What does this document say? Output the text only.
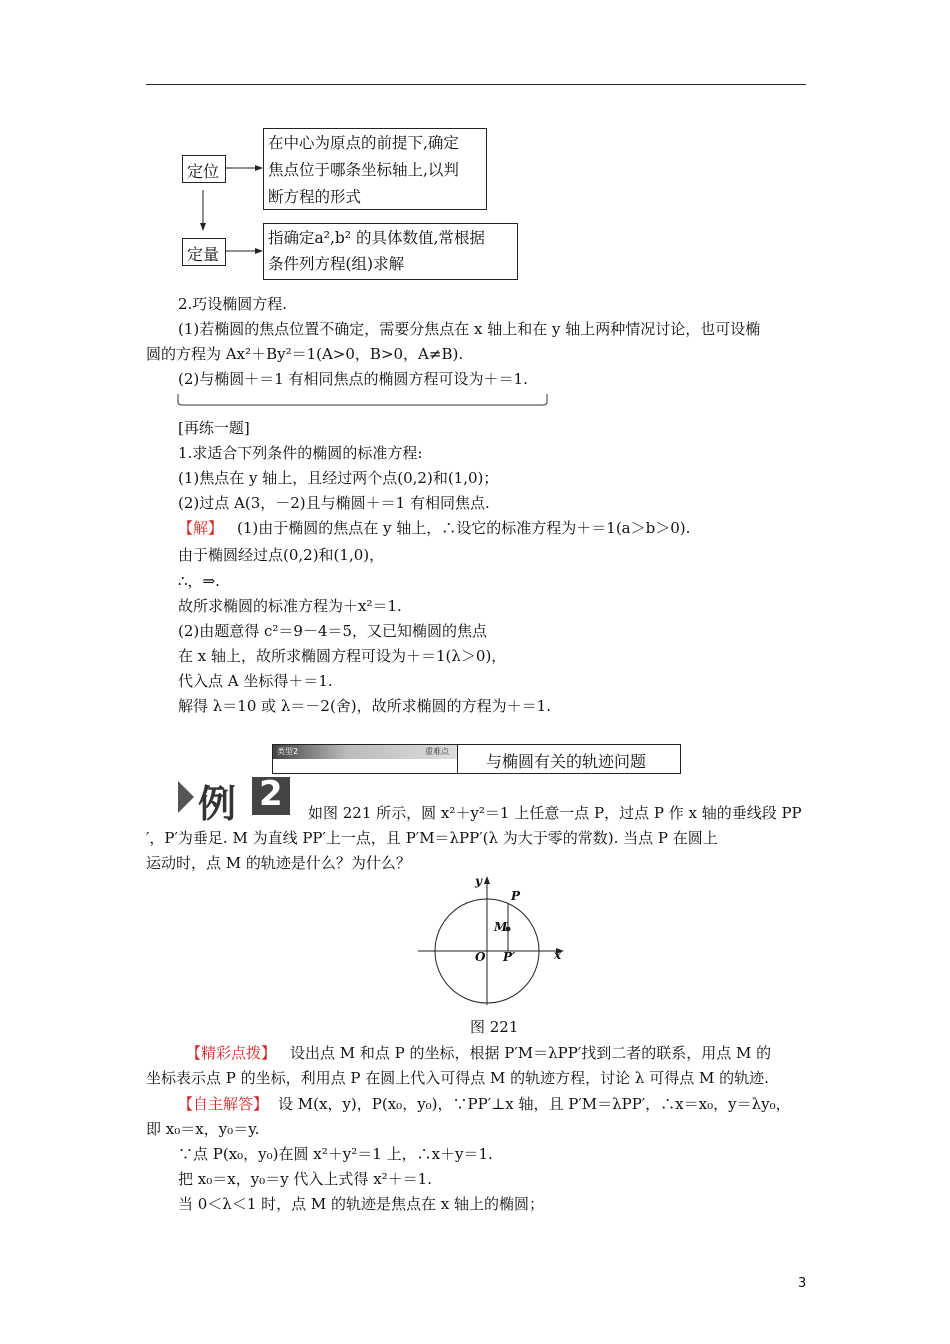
定位
在中心为原点的前提下,确定
焦点位于哪条坐标轴上,以判
断方程的形式
定量
指确定a²,b² 的具体数值,常根据
条件列方程(组)求解
2.巧设椭圆方程.
(1)若椭圆的焦点位置不确定，需要分焦点在 x 轴上和在 y 轴上两种情况讨论，也可设椭
圆的方程为 Ax²＋By²＝1(A>0，B>0，A≠B).
(2)与椭圆＋＝1 有相同焦点的椭圆方程可设为＋＝1.
[再练一题]
1.求适合下列条件的椭圆的标准方程:
(1)焦点在 y 轴上，且经过两个点(0,2)和(1,0)；
(2)过点 A(3，－2)且与椭圆＋＝1 有相同焦点.
【解】 (1)由于椭圆的焦点在 y 轴上，∴设它的标准方程为＋＝1(a＞b＞0).
由于椭圆经过点(0,2)和(1,0)，
∴，⇒.
故所求椭圆的标准方程为＋x²＝1.
(2)由题意得 c²＝9－4＝5，又已知椭圆的焦点
在 x 轴上，故所求椭圆方程可设为＋＝1(λ＞0)，
代入点 A 坐标得＋＝1.
解得 λ＝10 或 λ＝－2(舍)，故所求椭圆的方程为＋＝1.
类型2	重难点
与椭圆有关的轨迹问题
例 2 如图 221 所示，圆 x²＋y²＝1 上任意一点 P，过点 P 作 x 轴的垂线段 PP
′，P′为垂足. M 为直线 PP′上一点，且 P′M＝λPP′(λ 为大于零的常数). 当点 P 在圆上
运动时，点 M 的轨迹是什么？为什么？
y
P
M
O P′	x
图 221
【精彩点拨】 设出点 M 和点 P 的坐标，根据 P′M＝λPP′找到二者的联系，用点 M 的
坐标表示点 P 的坐标，利用点 P 在圆上代入可得点 M 的轨迹方程，讨论 λ 可得点 M 的轨迹.
【自主解答】 设 M(x，y)，P(x₀，y₀)，∵PP′⊥x 轴，且 P′M＝λPP′，∴x＝x₀，y＝λy₀，
即 x₀＝x，y₀＝y.
∵点 P(x₀，y₀)在圆 x²＋y²＝1 上，∴x＋y＝1.
把 x₀＝x，y₀＝y 代入上式得 x²＋＝1.
当 0＜λ＜1 时，点 M 的轨迹是焦点在 x 轴上的椭圆；
3
